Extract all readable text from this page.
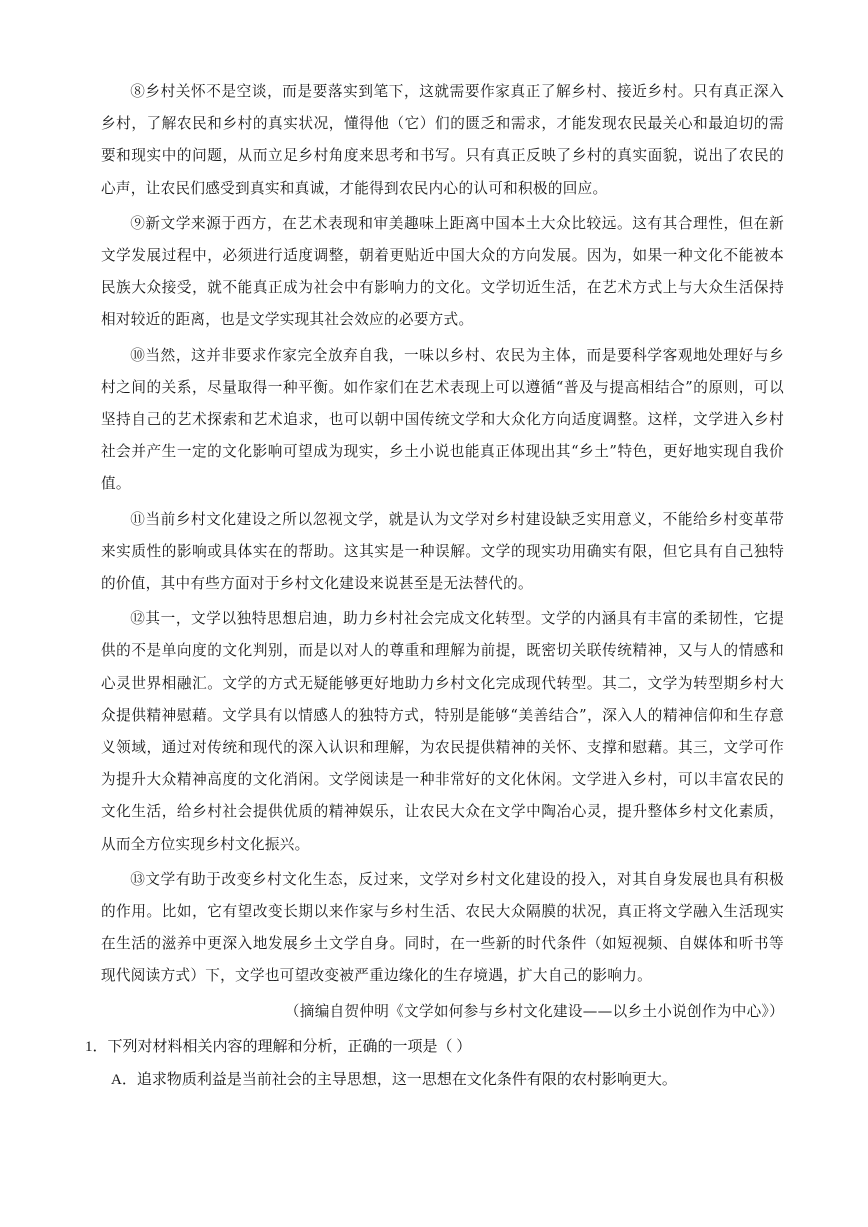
⑧乡村关怀不是空谈，而是要落实到笔下，这就需要作家真正了解乡村、接近乡村。只有真正深入乡村，了解农民和乡村的真实状况，懂得他（它）们的匮乏和需求，才能发现农民最关心和最迫切的需要和现实中的问题，从而立足乡村角度来思考和书写。只有真正反映了乡村的真实面貌，说出了农民的心声，让农民们感受到真实和真诚，才能得到农民内心的认可和积极的回应。

⑨新文学来源于西方，在艺术表现和审美趣味上距离中国本土大众比较远。这有其合理性，但在新文学发展过程中，必须进行适度调整，朝着更贴近中国大众的方向发展。因为，如果一种文化不能被本民族大众接受，就不能真正成为社会中有影响力的文化。文学切近生活，在艺术方式上与大众生活保持相对较近的距离，也是文学实现其社会效应的必要方式。

⑩当然，这并非要求作家完全放弃自我，一味以乡村、农民为主体，而是要科学客观地处理好与乡村之间的关系，尽量取得一种平衡。如作家们在艺术表现上可以遵循“普及与提高相结合”的原则，可以坚持自己的艺术探索和艺术追求，也可以朝中国传统文学和大众化方向适度调整。这样，文学进入乡村社会并产生一定的文化影响可望成为现实，乡土小说也能真正体现出其“乡土”特色，更好地实现自我价值。

⑪当前乡村文化建设之所以忽视文学，就是认为文学对乡村建设缺乏实用意义，不能给乡村变革带来实质性的影响或具体实在的帮助。这其实是一种误解。文学的现实功用确实有限，但它具有自己独特的价值，其中有些方面对于乡村文化建设来说甚至是无法替代的。

⑫其一，文学以独特思想启迪，助力乡村社会完成文化转型。文学的内涵具有丰富的柔韧性，它提供的不是单向度的文化判别，而是以对人的尊重和理解为前提，既密切关联传统精神，又与人的情感和心灵世界相融汇。文学的方式无疑能够更好地助力乡村文化完成现代转型。其二，文学为转型期乡村大众提供精神慰藉。文学具有以情感人的独特方式，特别是能够“美善结合”，深入人的精神信仰和生存意义领域，通过对传统和现代的深入认识和理解，为农民提供精神的关怀、支撑和慰藉。其三，文学可作为提升大众精神高度的文化消闲。文学阅读是一种非常好的文化休闲。文学进入乡村，可以丰富农民的文化生活，给乡村社会提供优质的精神娱乐，让农民大众在文学中陶冶心灵，提升整体乡村文化素质，从而全方位实现乡村文化振兴。

⑬文学有助于改变乡村文化生态，反过来，文学对乡村文化建设的投入，对其自身发展也具有积极的作用。比如，它有望改变长期以来作家与乡村生活、农民大众隔膜的状况，真正将文学融入生活现实在生活的滋养中更深入地发展乡土文学自身。同时，在一些新的时代条件（如短视频、自媒体和听书等现代阅读方式）下，文学也可望改变被严重边缘化的生存境遇，扩大自己的影响力。

（摘编自贺仲明《文学如何参与乡村文化建设——以乡土小说创作为中心》）

1．下列对材料相关内容的理解和分析，正确的一项是（ ）

A．追求物质利益是当前社会的主导思想，这一思想在文化条件有限的农村影响更大。
